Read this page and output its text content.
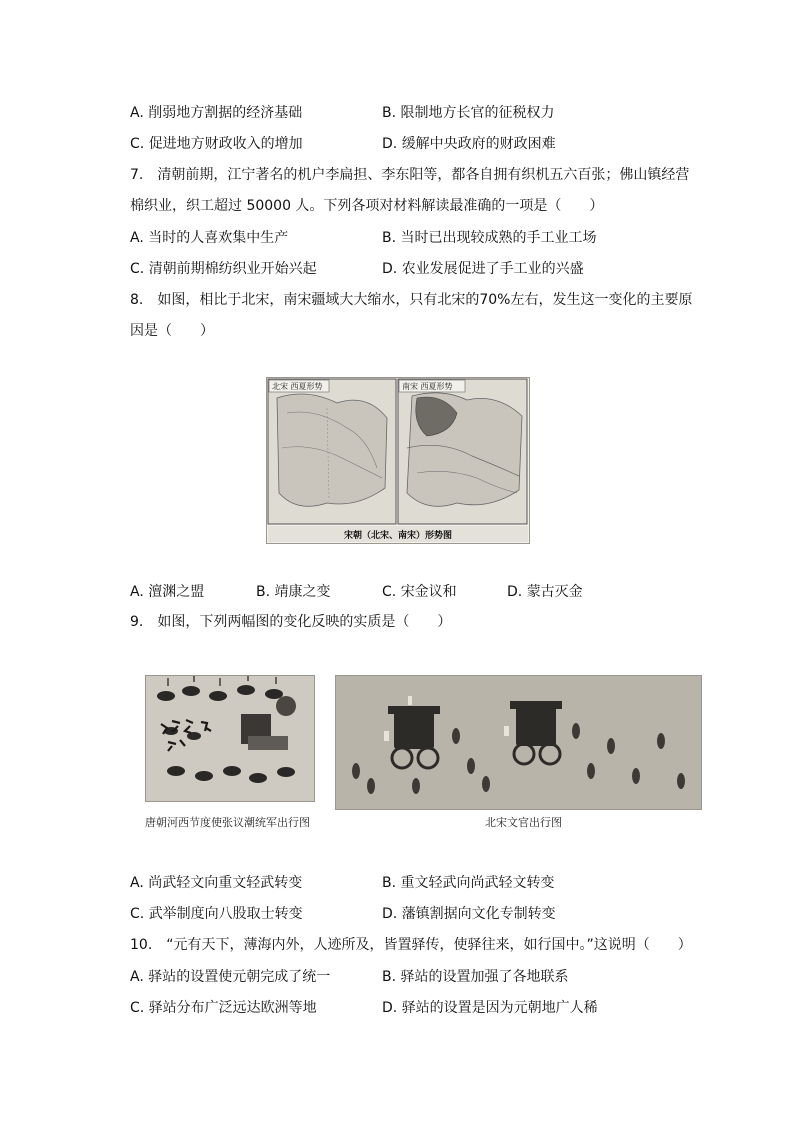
A. 削弱地方割据的经济基础	B. 限制地方长官的征税权力
C. 促进地方财政收入的增加	D. 缓解中央政府的财政困难
7.　清朝前期，江宁著名的机户李扁担、李东阳等，都各自拥有织机五六百张；佛山镇经营
棉织业，织工超过 50000 人。下列各项对材料解读最准确的一项是（　　）
A. 当时的人喜欢集中生产	B. 当时已出现较成熟的手工业工场
C. 清朝前期棉纺织业开始兴起	D. 农业发展促进了手工业的兴盛
8.　如图，相比于北宋，南宋疆域大大缩水，只有北宋的70%左右，发生这一变化的主要原
因是（　　）
北宋 西夏形势	南宋 西夏形势
宋朝（北宋、南宋）形势图
A. 澶渊之盟	B. 靖康之变	C. 宋金议和	D. 蒙古灭金
9.　如图，下列两幅图的变化反映的实质是（　　）
唐朝河西节度使张议潮统军出行图	北宋文官出行图
A. 尚武轻文向重文轻武转变	B. 重文轻武向尚武轻文转变
C. 武举制度向八股取士转变	D. 藩镇割据向文化专制转变
10.　“元有天下，薄海内外，人迹所及，皆置驿传，使驿往来，如行国中。”这说明（　　）
A. 驿站的设置使元朝完成了统一	B. 驿站的设置加强了各地联系
C. 驿站分布广泛远达欧洲等地	D. 驿站的设置是因为元朝地广人稀
